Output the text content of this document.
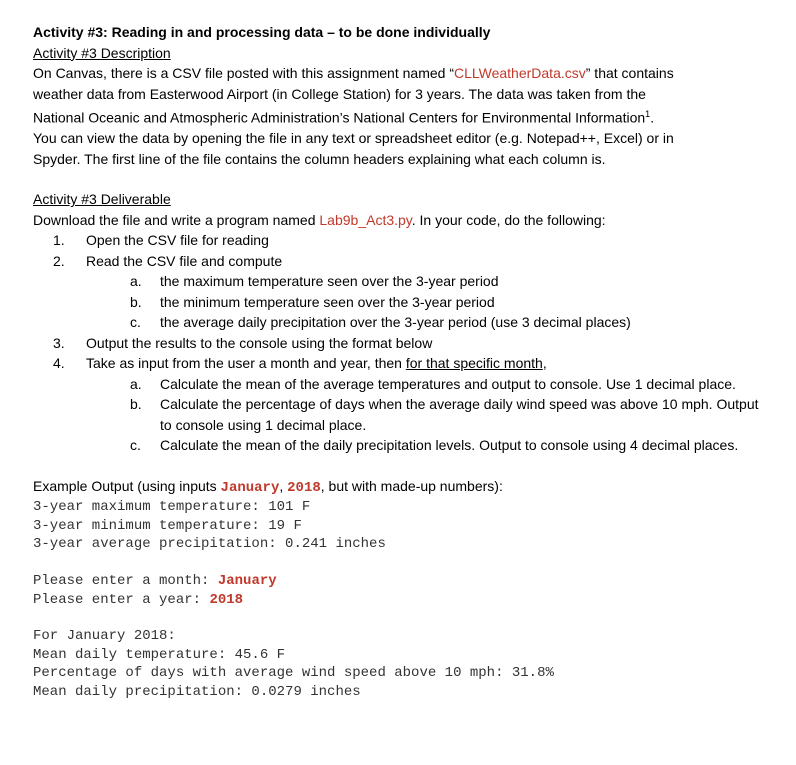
Activity #3: Reading in and processing data – to be done individually
Activity #3 Description
On Canvas, there is a CSV file posted with this assignment named “CLLWeatherData.csv” that contains
weather data from Easterwood Airport (in College Station) for 3 years. The data was taken from the
National Oceanic and Atmospheric Administration’s National Centers for Environmental Information$^1$.
You can view the data by opening the file in any text or spreadsheet editor (e.g. Notepad++, Excel) or in
Spyder. The first line of the file contains the column headers explaining what each column is.
Activity #3 Deliverable
Download the file and write a program named Lab9b_Act3.py. In your code, do the following:
1.	Open the CSV file for reading
2.	Read the CSV file and compute
a.	the maximum temperature seen over the 3-year period
b.	the minimum temperature seen over the 3-year period
c.	the average daily precipitation over the 3-year period (use 3 decimal places)
3.	Output the results to the console using the format below
4.	Take as input from the user a month and year, then for that specific month,
a.	Calculate the mean of the average temperatures and output to console. Use 1 decimal place.
b.	Calculate the percentage of days when the average daily wind speed was above 10 mph. Output to console using 1 decimal place.
c.	Calculate the mean of the daily precipitation levels. Output to console using 4 decimal places.
Example Output (using inputs January, 2018, but with made-up numbers):
3-year maximum temperature: 101 F
3-year minimum temperature: 19 F
3-year average precipitation: 0.241 inches
Please enter a month: January
Please enter a year: 2018
For January 2018:
Mean daily temperature: 45.6 F
Percentage of days with average wind speed above 10 mph: 31.8%
Mean daily precipitation: 0.0279 inches
